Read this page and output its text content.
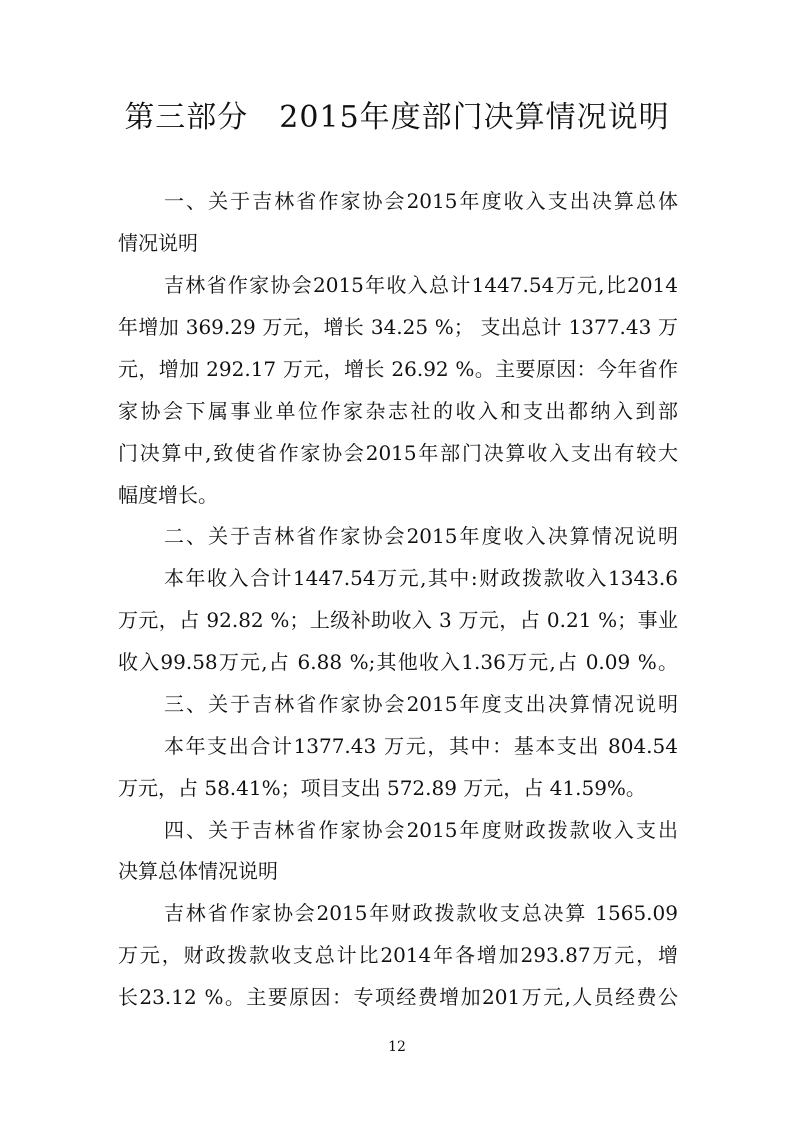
第三部分　2015年度部门决算情况说明
一、关于吉林省作家协会2015年度收入支出决算总体
情况说明
吉林省作家协会2015年收入总计1447.54万元,比2014
年增加 369.29 万元，增长 34.25 %； 支出总计 1377.43 万
元，增加 292.17 万元，增长 26.92 %。主要原因：今年省作
家协会下属事业单位作家杂志社的收入和支出都纳入到部
门决算中,致使省作家协会2015年部门决算收入支出有较大
幅度增长。
二、关于吉林省作家协会2015年度收入决算情况说明
本年收入合计1447.54万元,其中:财政拨款收入1343.6
万元，占 92.82 %；上级补助收入 3 万元，占 0.21 %；事业
收入99.58万元,占 6.88 %;其他收入1.36万元,占 0.09 %。
三、关于吉林省作家协会2015年度支出决算情况说明
本年支出合计1377.43 万元，其中：基本支出 804.54
万元，占 58.41%；项目支出 572.89 万元，占 41.59%。
四、关于吉林省作家协会2015年度财政拨款收入支出
决算总体情况说明
吉林省作家协会2015年财政拨款收支总决算 1565.09
万元，财政拨款收支总计比2014年各增加293.87万元，增
长23.12 %。主要原因：专项经费增加201万元,人员经费公
12
